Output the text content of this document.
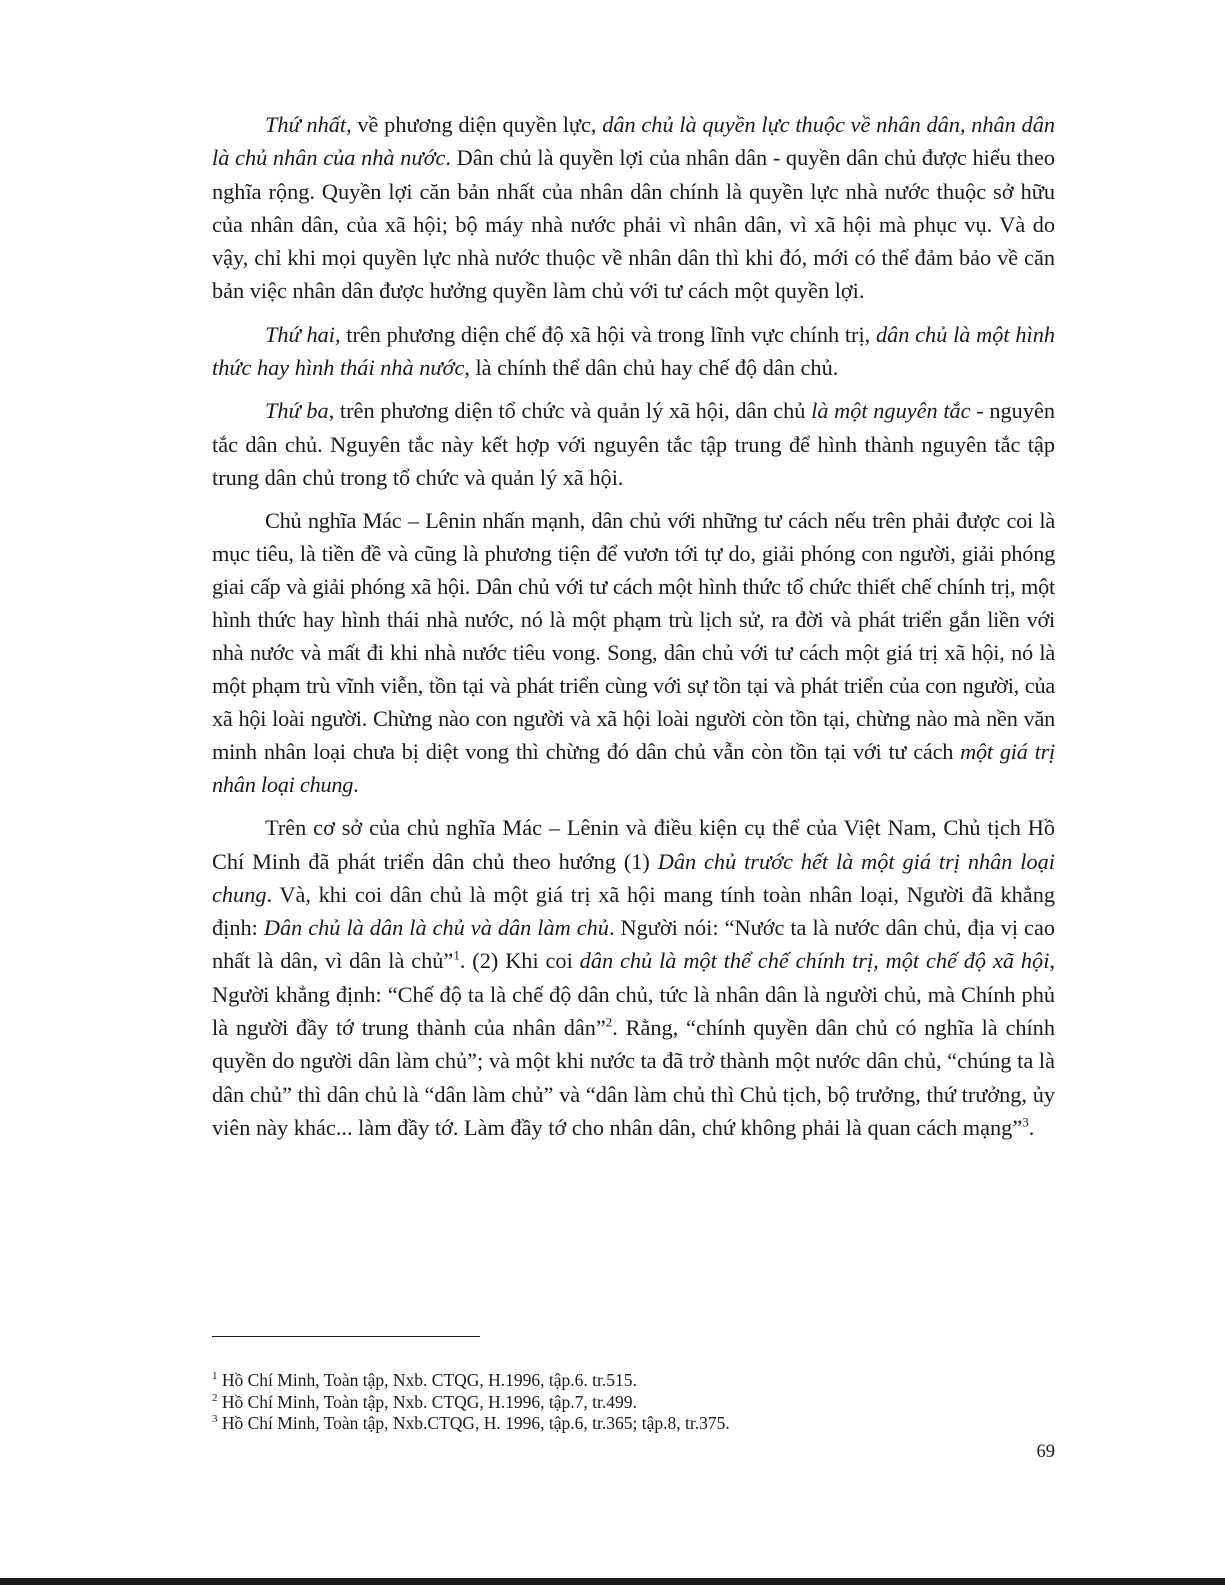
Thứ nhất, về phương diện quyền lực, dân chủ là quyền lực thuộc về nhân dân, nhân dân là chủ nhân của nhà nước. Dân chủ là quyền lợi của nhân dân - quyền dân chủ được hiểu theo nghĩa rộng. Quyền lợi căn bản nhất của nhân dân chính là quyền lực nhà nước thuộc sở hữu của nhân dân, của xã hội; bộ máy nhà nước phải vì nhân dân, vì xã hội mà phục vụ. Và do vậy, chỉ khi mọi quyền lực nhà nước thuộc về nhân dân thì khi đó, mới có thể đảm bảo về căn bản việc nhân dân được hưởng quyền làm chủ với tư cách một quyền lợi.

Thứ hai, trên phương diện chế độ xã hội và trong lĩnh vực chính trị, dân chủ là một hình thức hay hình thái nhà nước, là chính thể dân chủ hay chế độ dân chủ.

Thứ ba, trên phương diện tổ chức và quản lý xã hội, dân chủ là một nguyên tắc - nguyên tắc dân chủ. Nguyên tắc này kết hợp với nguyên tắc tập trung để hình thành nguyên tắc tập trung dân chủ trong tổ chức và quản lý xã hội.

Chủ nghĩa Mác – Lênin nhấn mạnh, dân chủ với những tư cách nếu trên phải được coi là mục tiêu, là tiền đề và cũng là phương tiện để vươn tới tự do, giải phóng con người, giải phóng giai cấp và giải phóng xã hội. Dân chủ với tư cách một hình thức tổ chức thiết chế chính trị, một hình thức hay hình thái nhà nước, nó là một phạm trù lịch sử, ra đời và phát triển gắn liền với nhà nước và mất đi khi nhà nước tiêu vong. Song, dân chủ với tư cách một giá trị xã hội, nó là một phạm trù vĩnh viễn, tồn tại và phát triển cùng với sự tồn tại và phát triển của con người, của xã hội loài người. Chừng nào con người và xã hội loài người còn tồn tại, chừng nào mà nền văn minh nhân loại chưa bị diệt vong thì chừng đó dân chủ vẫn còn tồn tại với tư cách một giá trị nhân loại chung.

Trên cơ sở của chủ nghĩa Mác – Lênin và điều kiện cụ thể của Việt Nam, Chủ tịch Hồ Chí Minh đã phát triển dân chủ theo hướng (1) Dân chủ trước hết là một giá trị nhân loại chung. Và, khi coi dân chủ là một giá trị xã hội mang tính toàn nhân loại, Người đã khẳng định: Dân chủ là dân là chủ và dân làm chủ. Người nói: “Nước ta là nước dân chủ, địa vị cao nhất là dân, vì dân là chủ”$^1$. (2) Khi coi dân chủ là một thể chế chính trị, một chế độ xã hội, Người khẳng định: “Chế độ ta là chế độ dân chủ, tức là nhân dân là người chủ, mà Chính phủ là người đầy tớ trung thành của nhân dân”$^2$. Rằng, “chính quyền dân chủ có nghĩa là chính quyền do người dân làm chủ”; và một khi nước ta đã trở thành một nước dân chủ, “chúng ta là dân chủ” thì dân chủ là “dân làm chủ” và “dân làm chủ thì Chủ tịch, bộ trưởng, thứ trưởng, ủy viên này khác... làm đầy tớ. Làm đầy tớ cho nhân dân, chứ không phải là quan cách mạng”$^3$.

$^1$ Hồ Chí Minh, Toàn tập, Nxb. CTQG, H.1996, tập.6. tr.515.

$^2$ Hồ Chí Minh, Toàn tập, Nxb. CTQG, H.1996, tập.7, tr.499.

$^3$ Hồ Chí Minh, Toàn tập, Nxb.CTQG, H. 1996, tập.6, tr.365; tập.8, tr.375.

69
